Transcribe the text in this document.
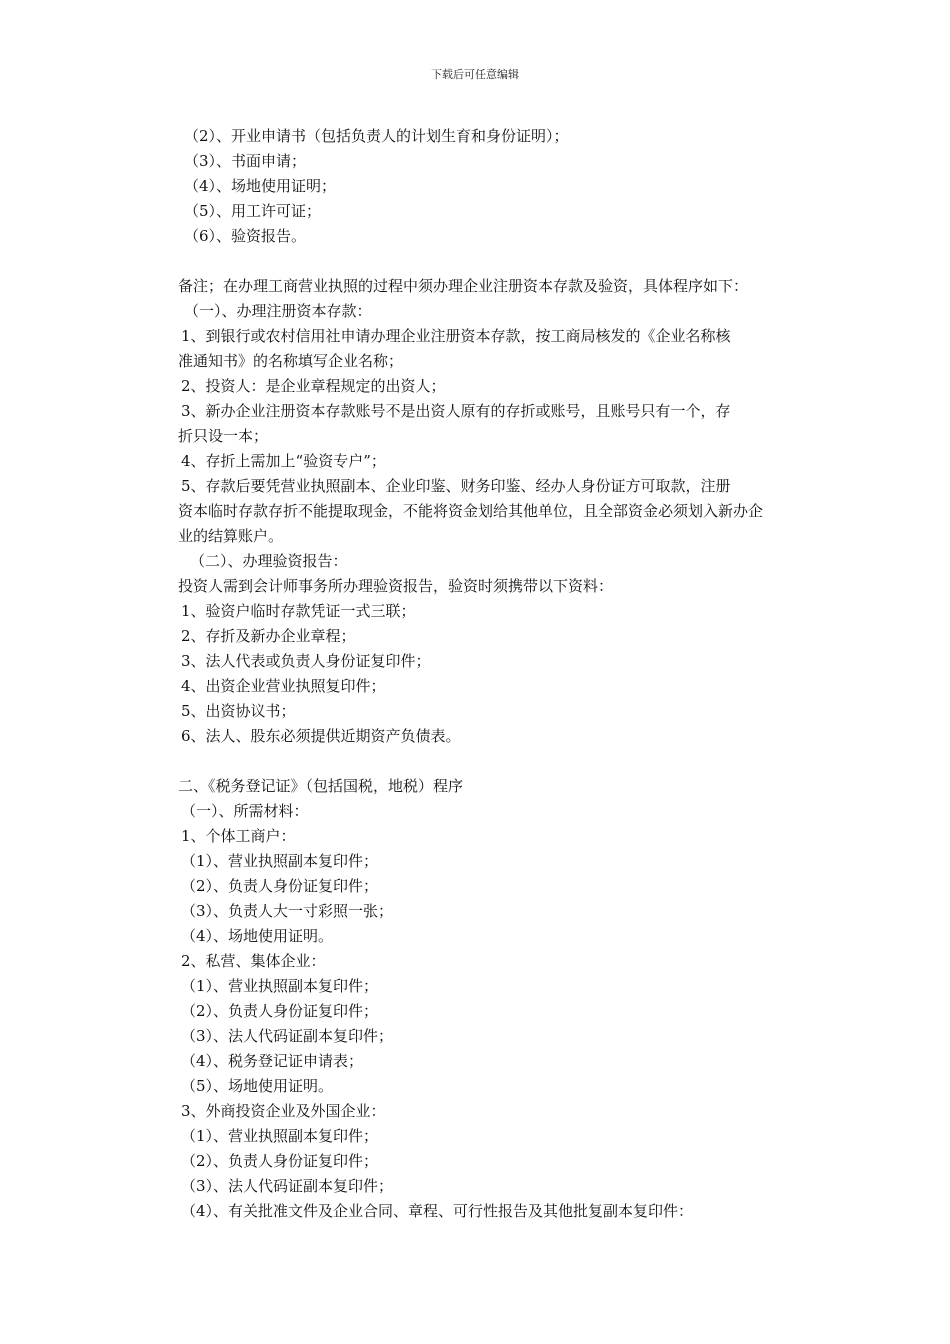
下载后可任意编辑
（2）、开业申请书（包括负责人的计划生育和身份证明）；
（3）、书面申请；
（4）、场地使用证明；
（5）、用工许可证；
（6）、验资报告。
备注；在办理工商营业执照的过程中须办理企业注册资本存款及验资，具体程序如下：
（一）、办理注册资本存款：
1、到银行或农村信用社申请办理企业注册资本存款，按工商局核发的《企业名称核
准通知书》的名称填写企业名称；
2、投资人：是企业章程规定的出资人；
3、新办企业注册资本存款账号不是出资人原有的存折或账号，且账号只有一个，存
折只设一本；
4、存折上需加上“验资专户”；
5、存款后要凭营业执照副本、企业印鉴、财务印鉴、经办人身份证方可取款，注册
资本临时存款存折不能提取现金，不能将资金划给其他单位，且全部资金必须划入新办企
业的结算账户。
（二）、办理验资报告：
投资人需到会计师事务所办理验资报告，验资时须携带以下资料：
1、验资户临时存款凭证一式三联；
2、存折及新办企业章程；
3、法人代表或负责人身份证复印件；
4、出资企业营业执照复印件；
5、出资协议书；
6、法人、股东必须提供近期资产负债表。
二、《税务登记证》（包括国税，地税）程序
（一）、所需材料：
1、个体工商户：
（1）、营业执照副本复印件；
（2）、负责人身份证复印件；
（3）、负责人大一寸彩照一张；
（4）、场地使用证明。
2、私营、集体企业：
（1）、营业执照副本复印件；
（2）、负责人身份证复印件；
（3）、法人代码证副本复印件；
（4）、税务登记证申请表；
（5）、场地使用证明。
3、外商投资企业及外国企业：
（1）、营业执照副本复印件；
（2）、负责人身份证复印件；
（3）、法人代码证副本复印件；
（4）、有关批准文件及企业合同、章程、可行性报告及其他批复副本复印件：
